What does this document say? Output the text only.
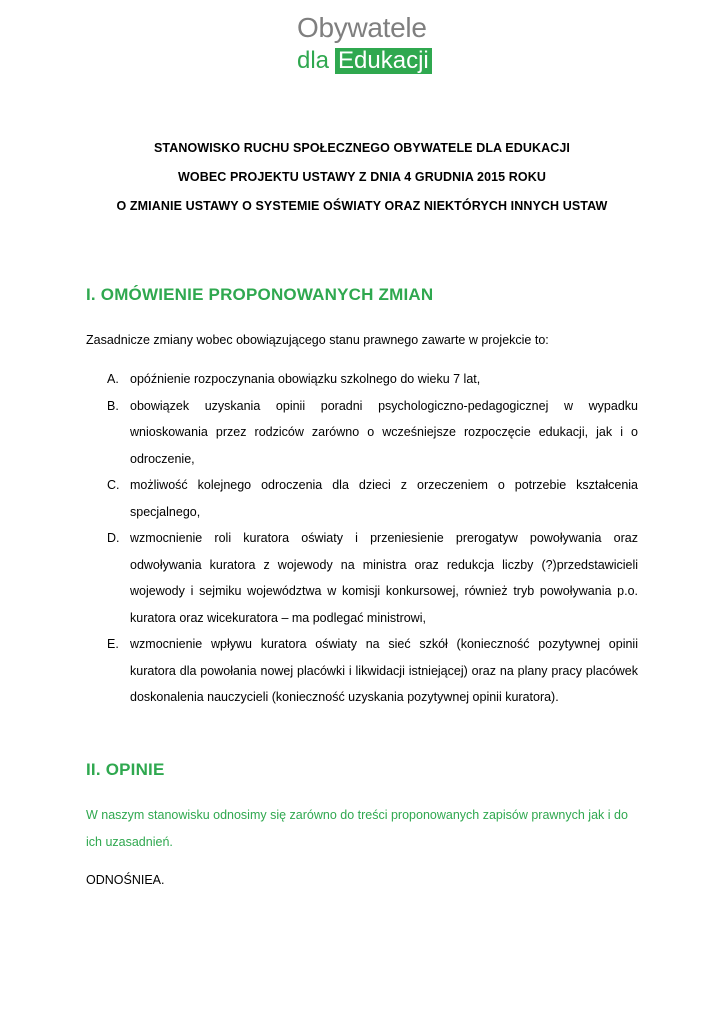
Obywatele
dla Edukacji
STANOWISKO RUCHU SPOŁECZNEGO OBYWATELE DLA EDUKACJI
WOBEC PROJEKTU USTAWY Z DNIA 4 GRUDNIA 2015 ROKU
O ZMIANIE USTAWY O SYSTEMIE OŚWIATY ORAZ NIEKTÓRYCH INNYCH USTAW
I. OMÓWIENIE PROPONOWANYCH ZMIAN
Zasadnicze zmiany wobec obowiązującego stanu prawnego zawarte w projekcie to:
A. opóźnienie rozpoczynania obowiązku szkolnego do wieku 7 lat,
B. obowiązek uzyskania opinii poradni psychologiczno-pedagogicznej w wypadku wnioskowania przez rodziców zarówno o wcześniejsze rozpoczęcie edukacji, jak i o odroczenie,
C. możliwość kolejnego odroczenia dla dzieci z orzeczeniem o potrzebie kształcenia specjalnego,
D. wzmocnienie roli kuratora oświaty i przeniesienie prerogatyw powoływania oraz odwoływania kuratora z wojewody na ministra oraz redukcja liczby (?)przedstawicieli wojewody i sejmiku województwa w komisji konkursowej, również tryb powoływania p.o. kuratora oraz wicekuratora – ma podlegać ministrowi,
E. wzmocnienie wpływu kuratora oświaty na sieć szkół (konieczność pozytywnej opinii kuratora dla powołania nowej placówki i likwidacji istniejącej) oraz na plany pracy placówek doskonalenia nauczycieli (konieczność uzyskania pozytywnej opinii kuratora).
II. OPINIE
W naszym stanowisku odnosimy się zarówno do treści proponowanych zapisów prawnych jak i do ich uzasadnień.
ODNOŚNIEA.
